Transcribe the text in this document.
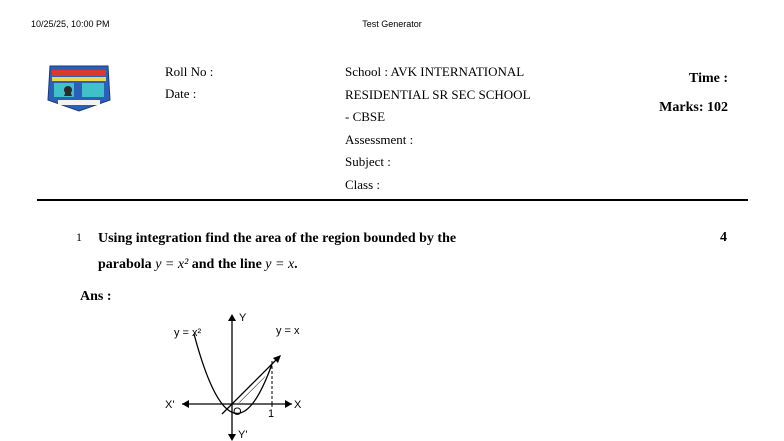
10/25/25, 10:00 PM	Test Generator
Roll No :
Date :
School : AVK INTERNATIONAL
RESIDENTIAL SR SEC SCHOOL
- CBSE
Assessment :
Subject :
Class :
Time :
Marks: 102
1 Using integration find the area of the region bounded by the
parabola y = x² and the line y = x.
4
Ans :
y = x²	y = x
Y
Y'
X
X'
O 1
